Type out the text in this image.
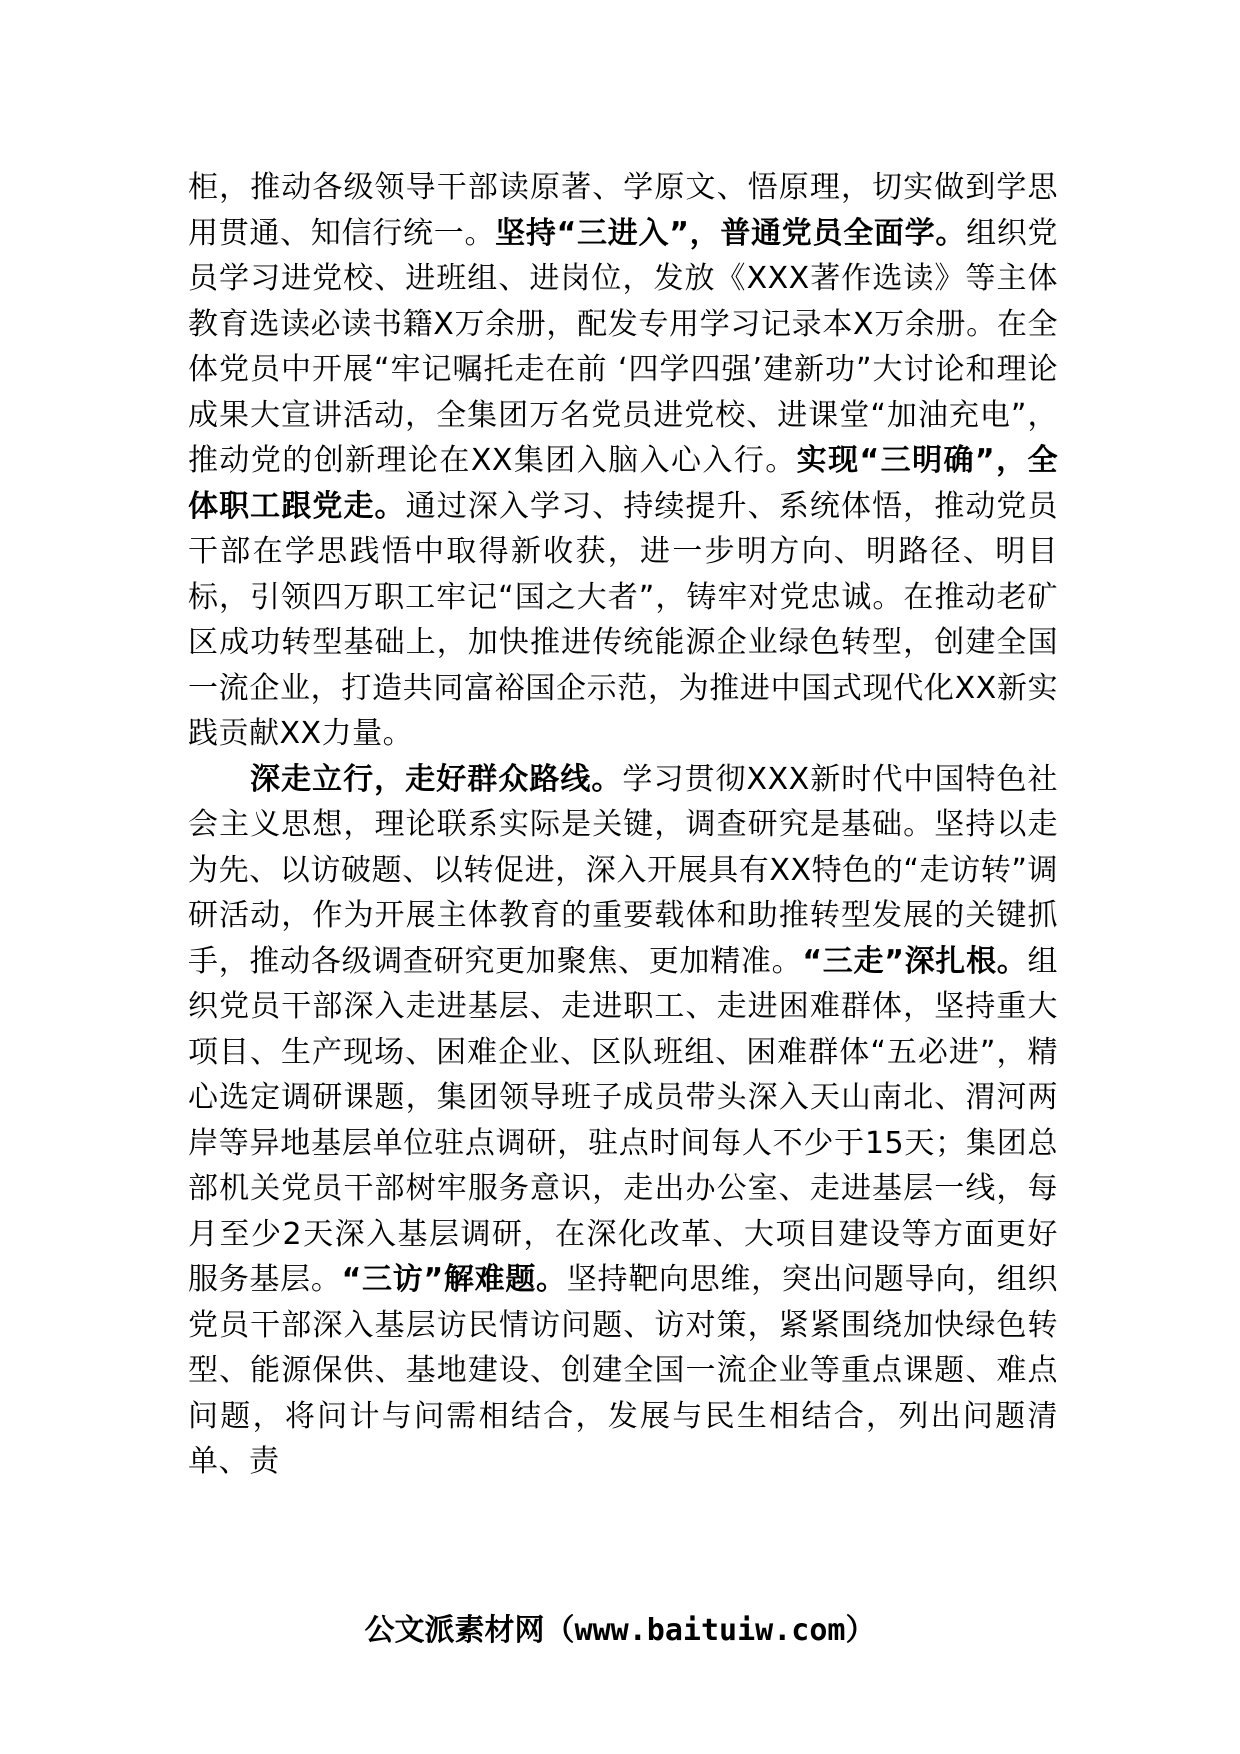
柜，推动各级领导干部读原著、学原文、悟原理，切实做到学思用贯通、知信行统一。坚持“三进入”，普通党员全面学。组织党员学习进党校、进班组、进岗位，发放《XXX著作选读》等主体教育选读必读书籍X万余册，配发专用学习记录本X万余册。在全体党员中开展“牢记嘱托走在前 ‘四学四强’建新功”大讨论和理论成果大宣讲活动，全集团万名党员进党校、进课堂“加油充电”，推动党的创新理论在XX集团入脑入心入行。实现“三明确”，全体职工跟党走。通过深入学习、持续提升、系统体悟，推动党员干部在学思践悟中取得新收获，进一步明方向、明路径、明目标，引领四万职工牢记“国之大者”，铸牢对党忠诚。在推动老矿区成功转型基础上，加快推进传统能源企业绿色转型，创建全国一流企业，打造共同富裕国企示范，为推进中国式现代化XX新实践贡献XX力量。

深走立行，走好群众路线。学习贯彻XXX新时代中国特色社会主义思想，理论联系实际是关键，调查研究是基础。坚持以走为先、以访破题、以转促进，深入开展具有XX特色的“走访转”调研活动，作为开展主体教育的重要载体和助推转型发展的关键抓手，推动各级调查研究更加聚焦、更加精准。“三走”深扎根。组织党员干部深入走进基层、走进职工、走进困难群体，坚持重大项目、生产现场、困难企业、区队班组、困难群体“五必进”，精心选定调研课题，集团领导班子成员带头深入天山南北、渭河两岸等异地基层单位驻点调研，驻点时间每人不少于15天；集团总部机关党员干部树牢服务意识，走出办公室、走进基层一线，每月至少2天深入基层调研，在深化改革、大项目建设等方面更好服务基层。“三访”解难题。坚持靶向思维，突出问题导向，组织党员干部深入基层访民情访问题、访对策，紧紧围绕加快绿色转型、能源保供、基地建设、创建全国一流企业等重点课题、难点问题，将问计与问需相结合，发展与民生相结合，列出问题清单、责

公文派素材网（www.baituiw.com）
